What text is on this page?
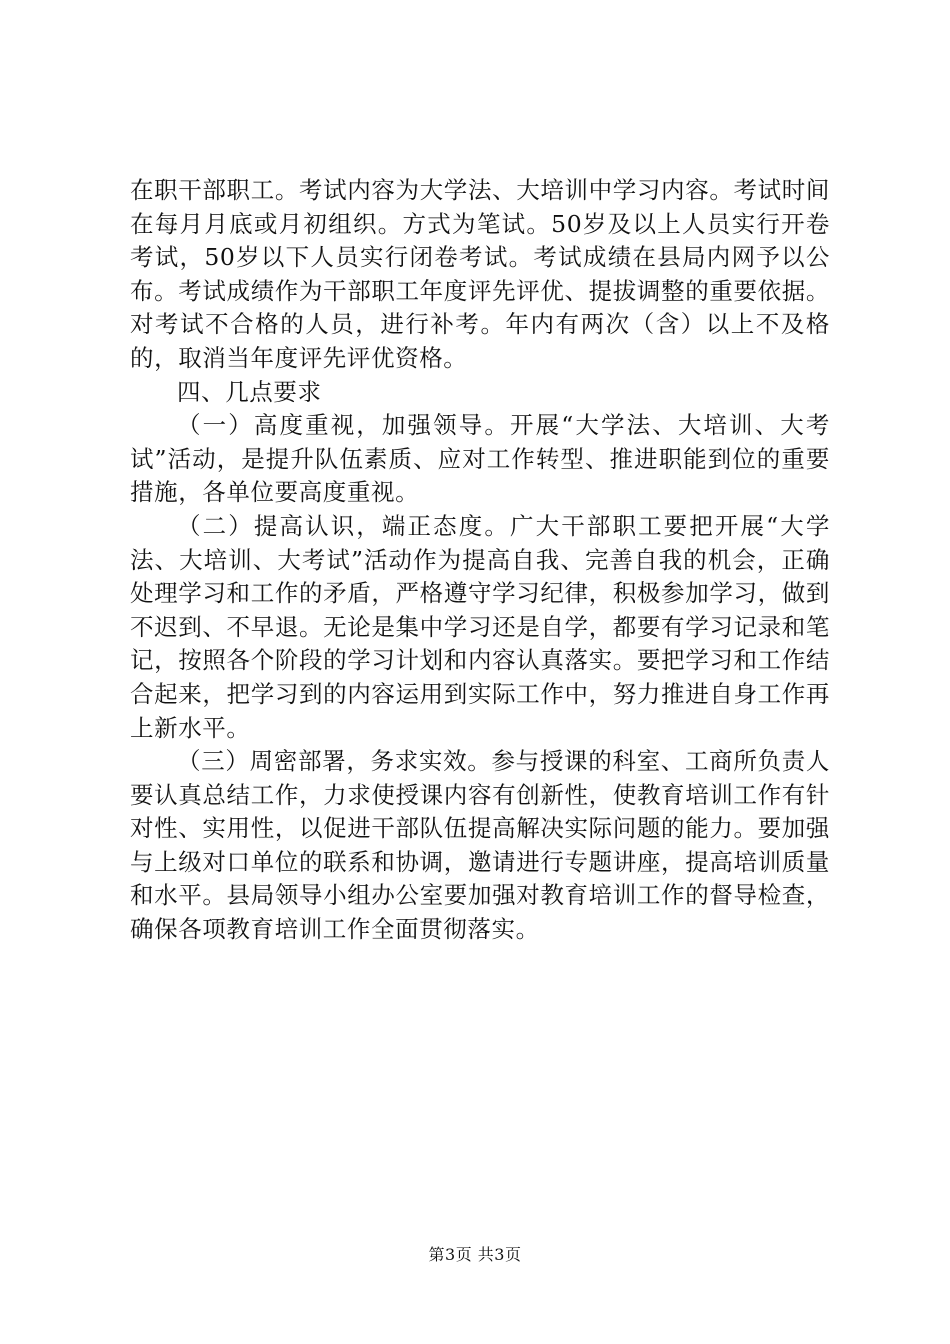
在职干部职工。考试内容为大学法、大培训中学习内容。考试时间在每月月底或月初组织。方式为笔试。50岁及以上人员实行开卷考试，50岁以下人员实行闭卷考试。考试成绩在县局内网予以公布。考试成绩作为干部职工年度评先评优、提拔调整的重要依据。对考试不合格的人员，进行补考。年内有两次（含）以上不及格的，取消当年度评先评优资格。

四、几点要求

（一）高度重视，加强领导。开展“大学法、大培训、大考试”活动，是提升队伍素质、应对工作转型、推进职能到位的重要措施，各单位要高度重视。

（二）提高认识，端正态度。广大干部职工要把开展“大学法、大培训、大考试”活动作为提高自我、完善自我的机会，正确处理学习和工作的矛盾，严格遵守学习纪律，积极参加学习，做到不迟到、不早退。无论是集中学习还是自学，都要有学习记录和笔记，按照各个阶段的学习计划和内容认真落实。要把学习和工作结合起来，把学习到的内容运用到实际工作中，努力推进自身工作再上新水平。

（三）周密部署，务求实效。参与授课的科室、工商所负责人要认真总结工作，力求使授课内容有创新性，使教育培训工作有针对性、实用性，以促进干部队伍提高解决实际问题的能力。要加强与上级对口单位的联系和协调，邀请进行专题讲座，提高培训质量和水平。县局领导小组办公室要加强对教育培训工作的督导检查，确保各项教育培训工作全面贯彻落实。

第3页 共3页
